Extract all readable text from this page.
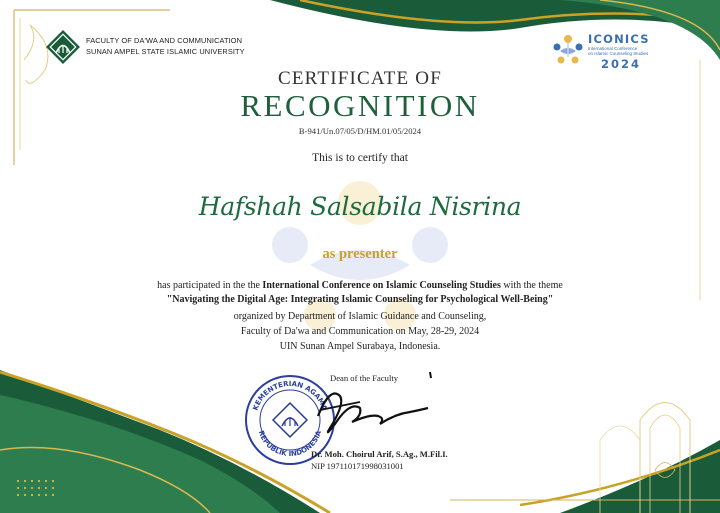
FACULTY OF DA'WA AND COMMUNICATION
SUNAN AMPEL STATE ISLAMIC UNIVERSITY
ICONICS
International Conference
on Islamic Counseling Studies
2024
CERTIFICATE OF
RECOGNITION
B-941/Un.07/05/D/HM.01/05/2024
This is to certify that
Hafshah Salsabila Nisrina
as presenter
has participated in the the International Conference on Islamic Counseling Studies with the theme
"Navigating the Digital Age: Integrating Islamic Counseling for Psychological Well-Being"
organized by Department of Islamic Guidance and Counseling,
Faculty of Da'wa and Communication on May, 28-29, 2024
UIN Sunan Ampel Surabaya, Indonesia.
KEMENTERIAN AGAMA
REPUBLIK INDONESIA
Dean of the Faculty
Dr. Moh. Choirul Arif, S.Ag., M.Fil.I.
NIP 197110171998031001
